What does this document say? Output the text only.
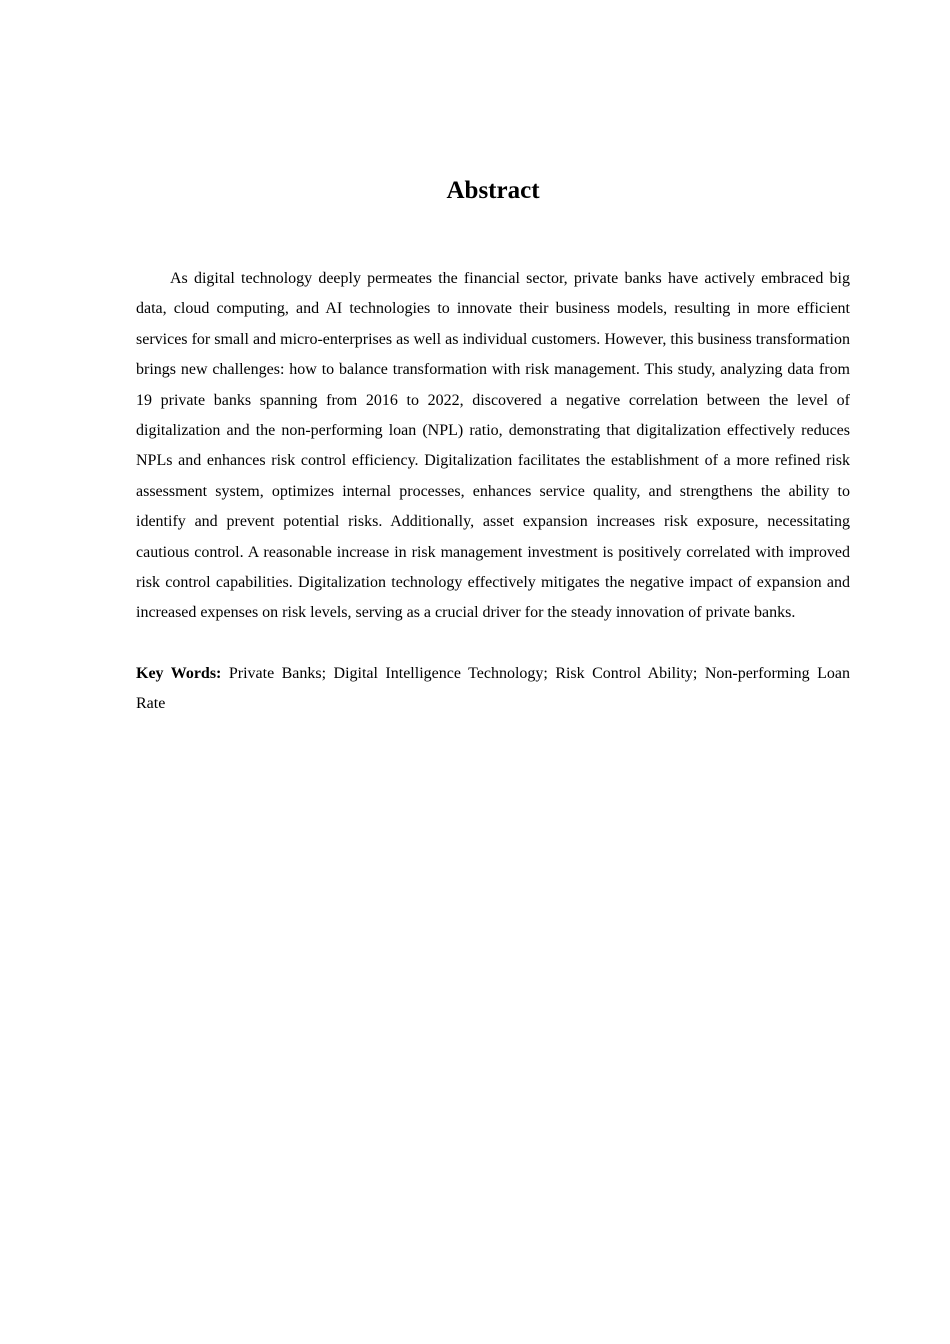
Abstract

As digital technology deeply permeates the financial sector, private banks have actively embraced big data, cloud computing, and AI technologies to innovate their business models, resulting in more efficient services for small and micro-enterprises as well as individual customers. However, this business transformation brings new challenges: how to balance transformation with risk management. This study, analyzing data from 19 private banks spanning from 2016 to 2022, discovered a negative correlation between the level of digitalization and the non-performing loan (NPL) ratio, demonstrating that digitalization effectively reduces NPLs and enhances risk control efficiency. Digitalization facilitates the establishment of a more refined risk assessment system, optimizes internal processes, enhances service quality, and strengthens the ability to identify and prevent potential risks. Additionally, asset expansion increases risk exposure, necessitating cautious control. A reasonable increase in risk management investment is positively correlated with improved risk control capabilities. Digitalization technology effectively mitigates the negative impact of expansion and increased expenses on risk levels, serving as a crucial driver for the steady innovation of private banks.

Key Words: Private Banks; Digital Intelligence Technology; Risk Control Ability; Non-performing Loan Rate
